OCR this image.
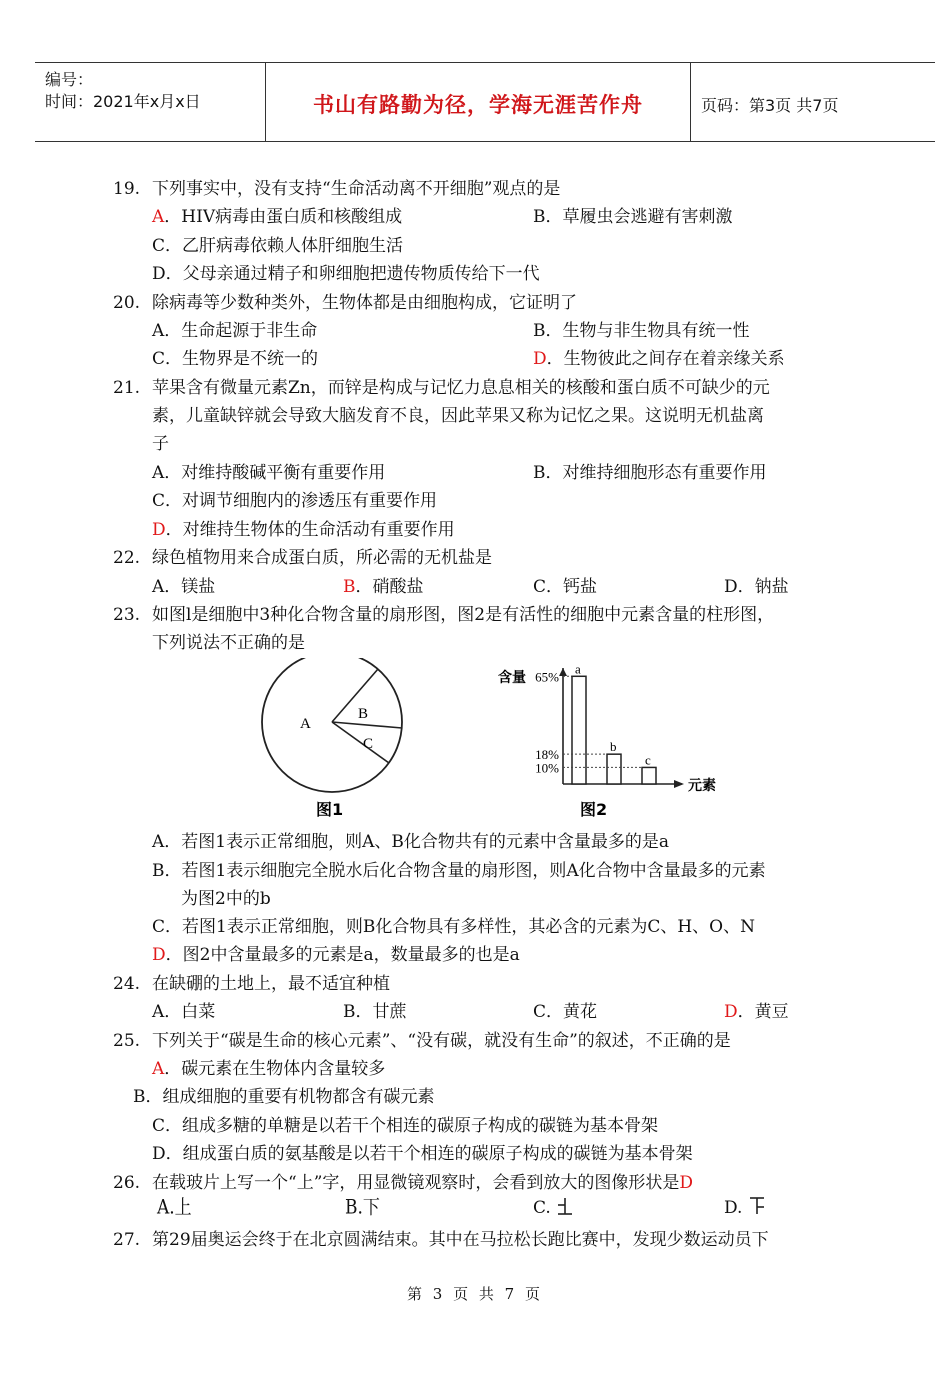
编号：
时间：2021年x月x日	书山有路勤为径，学海无涯苦作舟	页码：第3页 共7页
19. 下列事实中，没有支持“生命活动离不开细胞”观点的是
A．HIV病毒由蛋白质和核酸组成	B．草履虫会逃避有害刺激
C．乙肝病毒依赖人体肝细胞生活
D．父母亲通过精子和卵细胞把遗传物质传给下一代
20. 除病毒等少数种类外，生物体都是由细胞构成，它证明了
A．生命起源于非生命	B．生物与非生物具有统一性
C．生物界是不统一的	D．生物彼此之间存在着亲缘关系
21. 苹果含有微量元素Zn，而锌是构成与记忆力息息相关的核酸和蛋白质不可缺少的元
素，儿童缺锌就会导致大脑发育不良，因此苹果又称为记忆之果。这说明无机盐离
子
A．对维持酸碱平衡有重要作用	B．对维持细胞形态有重要作用
C．对调节细胞内的渗透压有重要作用
D．对维持生物体的生命活动有重要作用
22. 绿色植物用来合成蛋白质，所必需的无机盐是
A．镁盐	B．硝酸盐	C．钙盐	D．钠盐
23. 如图l是细胞中3种化合物含量的扇形图，图2是有活性的细胞中元素含量的柱形图，
下列说法不正确的是
A
B
C
图1
含量
元素
图2
a
65%
b
18%	c
10%
A．若图1表示正常细胞，则A、B化合物共有的元素中含量最多的是a
B．若图1表示细胞完全脱水后化合物含量的扇形图，则A化合物中含量最多的元素
为图2中的b
C．若图1表示正常细胞，则B化合物具有多样性，其必含的元素为C、H、O、N
D．图2中含量最多的元素是a，数量最多的也是a
24. 在缺硼的土地上，最不适宜种植
A．白菜	B．甘蔗	C．黄花	D．黄豆
25. 下列关于“碳是生命的核心元素”、“没有碳，就没有生命”的叙述，不正确的是
A．碳元素在生物体内含量较多
B．组成细胞的重要有机物都含有碳元素
C．组成多糖的单糖是以若干个相连的碳原子构成的碳链为基本骨架
D．组成蛋白质的氨基酸是以若干个相连的碳原子构成的碳链为基本骨架
26. 在载玻片上写一个“上”字，用显微镜观察时，会看到放大的图像形状是D
A.上	B.下	C.	D.
27. 第29届奥运会终于在北京圆满结束。其中在马拉松长跑比赛中，发现少数运动员下
第 3 页 共 7 页
